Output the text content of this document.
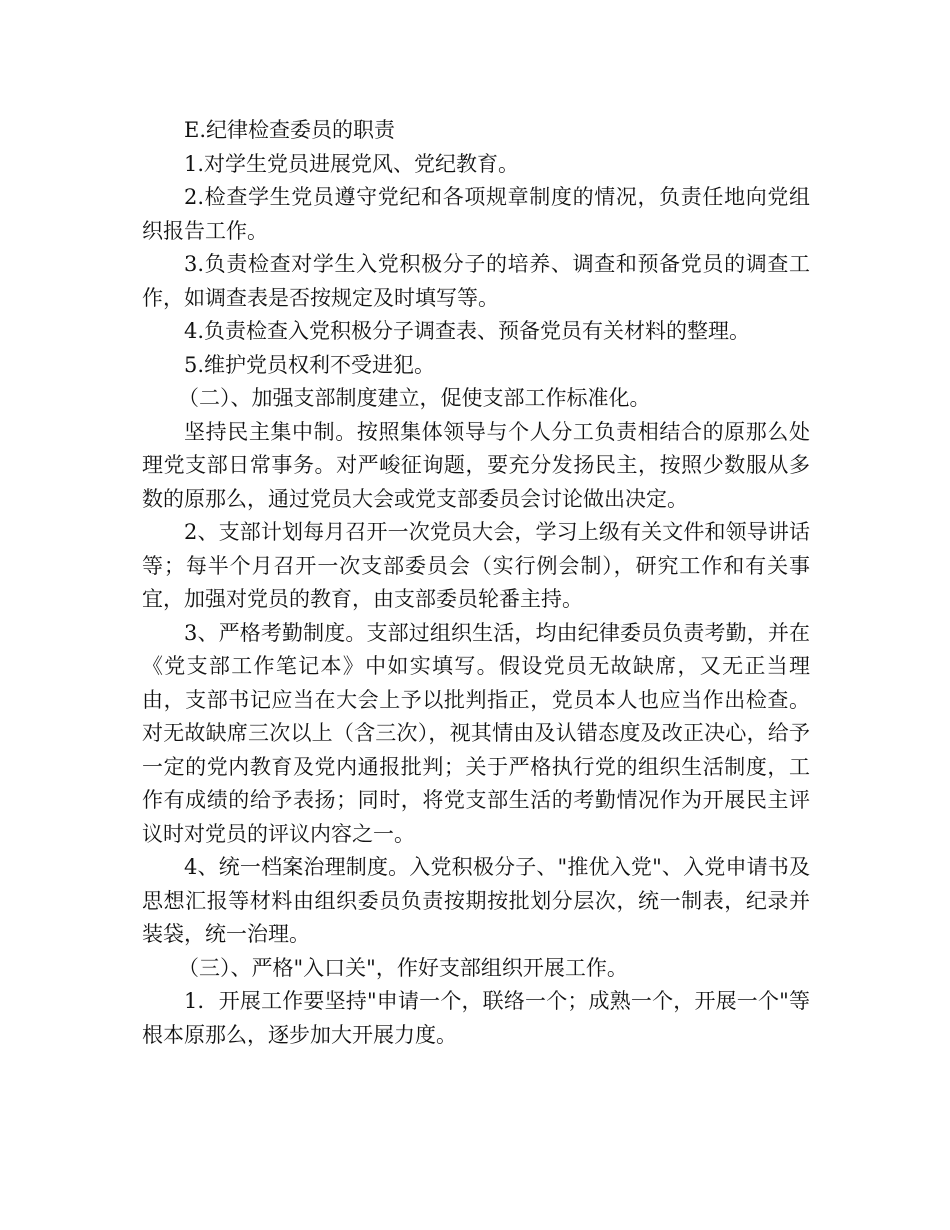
E.纪律检查委员的职责

1.对学生党员进展党风、党纪教育。

2.检查学生党员遵守党纪和各项规章制度的情况，负责任地向党组织报告工作。

3.负责检查对学生入党积极分子的培养、调查和预备党员的调查工作，如调查表是否按规定及时填写等。

4.负责检查入党积极分子调查表、预备党员有关材料的整理。

5.维护党员权利不受进犯。

（二）、加强支部制度建立，促使支部工作标准化。

坚持民主集中制。按照集体领导与个人分工负责相结合的原那么处理党支部日常事务。对严峻征询题，要充分发扬民主，按照少数服从多数的原那么，通过党员大会或党支部委员会讨论做出决定。

2、支部计划每月召开一次党员大会，学习上级有关文件和领导讲话等；每半个月召开一次支部委员会（实行例会制），研究工作和有关事宜，加强对党员的教育，由支部委员轮番主持。

3、严格考勤制度。支部过组织生活，均由纪律委员负责考勤，并在《党支部工作笔记本》中如实填写。假设党员无故缺席，又无正当理由，支部书记应当在大会上予以批判指正，党员本人也应当作出检查。对无故缺席三次以上（含三次），视其情由及认错态度及改正决心，给予一定的党内教育及党内通报批判；关于严格执行党的组织生活制度，工作有成绩的给予表扬；同时，将党支部生活的考勤情况作为开展民主评议时对党员的评议内容之一。

4、统一档案治理制度。入党积极分子、"推优入党"、入党申请书及思想汇报等材料由组织委员负责按期按批划分层次，统一制表，纪录并装袋，统一治理。

（三）、严格"入口关"，作好支部组织开展工作。

1．开展工作要坚持"申请一个，联络一个；成熟一个，开展一个"等根本原那么，逐步加大开展力度。
